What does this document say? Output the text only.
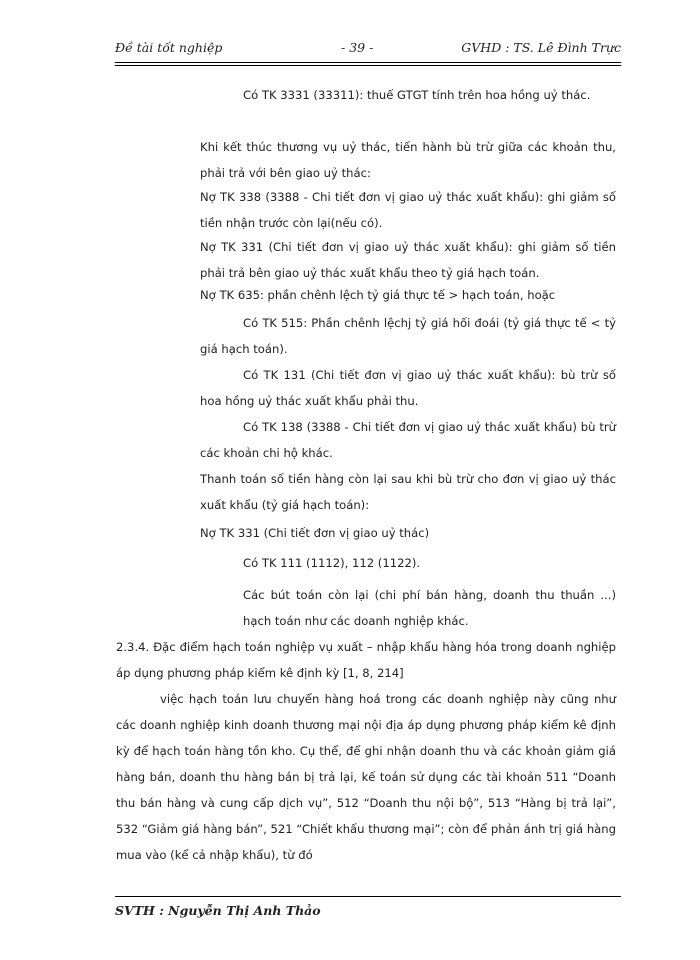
Đề tài tốt nghiệp	- 39 -	GVHD : TS. Lê Đình Trực

Có TK 3331 (33311): thuế GTGT tính trên hoa hồng uỷ thác.

Khi kết thúc thương vụ uỷ thác, tiến hành bù trừ giữa các khoản thu, phải trả với bên giao uỷ thác:

Nợ TK 338 (3388 - Chi tiết đơn vị giao uỷ thác xuất khẩu): ghi giảm số tiền nhận trước còn lại(nếu có).

Nợ TK 331 (Chi tiết đơn vị giao uỷ thác xuất khẩu): ghi giảm số tiền phải trả bên giao uỷ thác xuất khẩu theo tỷ giá hạch toán.

Nợ TK 635: phần chênh lệch tỷ giá thực tế > hạch toán, hoặc

Có TK 515: Phần chênh lệchj tỷ giá hối đoái (tỷ giá thực tế < tỷ giá hạch toán).

Có TK 131 (Chi tiết đơn vị giao uỷ thác xuất khẩu): bù trừ số hoa hồng uỷ thác xuất khẩu phải thu.

Có TK 138 (3388 - Chi tiết đơn vị giao uỷ thác xuất khẩu) bù trừ các khoản chi hộ khác.

Thanh toán số tiền hàng còn lại sau khi bù trừ cho đơn vị giao uỷ thác xuất khẩu (tỷ giá hạch toán):

Nợ TK 331 (Chi tiết đơn vị giao uỷ thác)

Có TK 111 (1112), 112 (1122).

Các bút toán còn lại (chi phí bán hàng, doanh thu thuần ...) hạch toán như các doanh nghiệp khác.

2.3.4. Đặc điểm hạch toán nghiệp vụ xuất – nhập khẩu hàng hóa trong doanh nghiệp áp dụng phương pháp kiểm kê định kỳ [1, 8, 214]

việc hạch toán lưu chuyển hàng hoá trong các doanh nghiệp này cũng như các doanh nghiệp kinh doanh thương mại nội địa áp dụng phương pháp kiểm kê định kỳ để hạch toán hàng tồn kho. Cụ thể, để ghi nhận doanh thu và các khoản giảm giá hàng bán, doanh thu hàng bán bị trả lại, kế toán sử dụng các tài khoản 511 “Doanh thu bán hàng và cung cấp dịch vụ”, 512 “Doanh thu nội bộ”, 513 “Hàng bị trả lại”, 532 “Giảm giá hàng bán”, 521 “Chiết khấu thương mại”; còn để phản ánh trị giá hàng mua vào (kể cả nhập khẩu), từ đó

SVTH : Nguyễn Thị Anh Thảo
